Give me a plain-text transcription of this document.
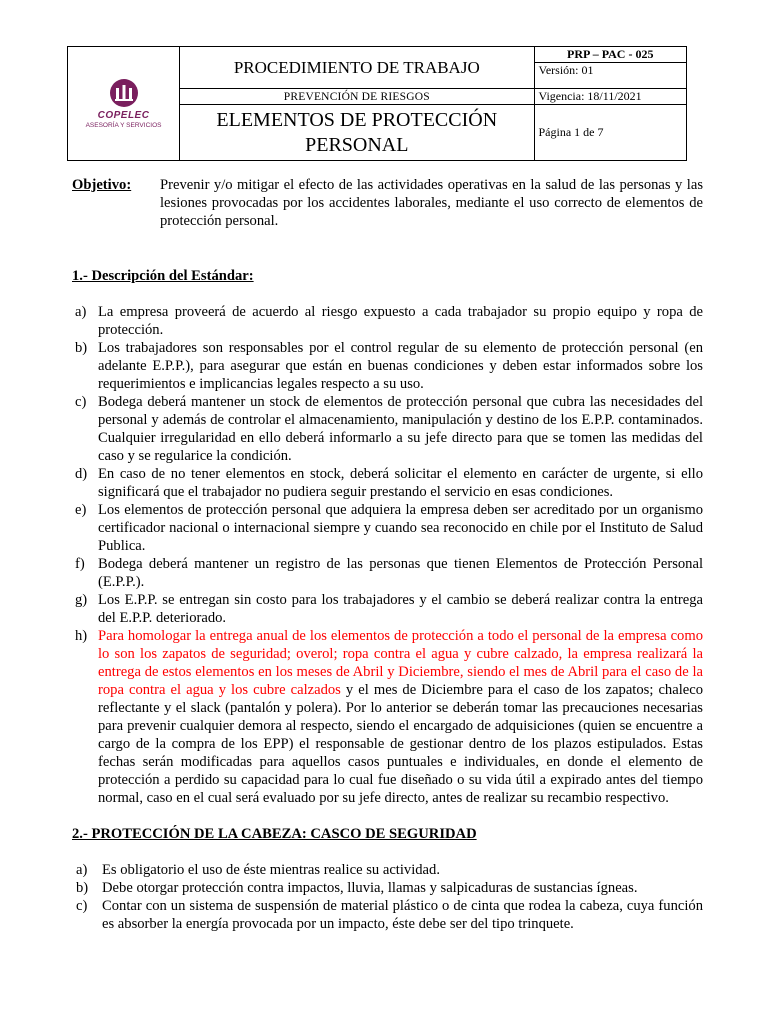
COPELEC
ASESORÍA Y SERVICIOS	PROCEDIMIENTO DE TRABAJO	PRP – PAC - 025
		Versión: 01
	PREVENCIÓN DE RIESGOS	Vigencia: 18/11/2021
	ELEMENTOS DE PROTECCIÓN PERSONAL	Página 1 de 7
Objetivo:	Prevenir y/o mitigar el efecto de las actividades operativas en la salud de las personas y las lesiones provocadas por los accidentes laborales, mediante el uso correcto de elementos de protección personal.
1.- Descripción del Estándar:
a) La empresa proveerá de acuerdo al riesgo expuesto a cada trabajador su propio equipo y ropa de protección.
b) Los trabajadores son responsables por el control regular de su elemento de protección personal (en adelante E.P.P.), para asegurar que están en buenas condiciones y deben estar informados sobre los requerimientos e implicancias legales respecto a su uso.
c) Bodega deberá mantener un stock de elementos de protección personal que cubra las necesidades del personal y además de controlar el almacenamiento, manipulación y destino de los E.P.P. contaminados. Cualquier irregularidad en ello deberá informarlo a su jefe directo para que se tomen las medidas del caso y se regularice la condición.
d) En caso de no tener elementos en stock, deberá solicitar el elemento en carácter de urgente, si ello significará que el trabajador no pudiera seguir prestando el servicio en esas condiciones.
e) Los elementos de protección personal que adquiera la empresa deben ser acreditado por un organismo certificador nacional o internacional siempre y cuando sea reconocido en chile por el Instituto de Salud Publica.
f) Bodega deberá mantener un registro de las personas que tienen Elementos de Protección Personal (E.P.P.).
g) Los E.P.P. se entregan sin costo para los trabajadores y el cambio se deberá realizar contra la entrega del E.P.P. deteriorado.
h) Para homologar la entrega anual de los elementos de protección a todo el personal de la empresa como lo son los zapatos de seguridad; overol; ropa contra el agua y cubre calzado, la empresa realizará la entrega de estos elementos en los meses de Abril y Diciembre, siendo el mes de Abril para el caso de la ropa contra el agua y los cubre calzados y el mes de Diciembre para el caso de los zapatos; chaleco reflectante y el slack (pantalón y polera). Por lo anterior se deberán tomar las precauciones necesarias para prevenir cualquier demora al respecto, siendo el encargado de adquisiciones (quien se encuentre a cargo de la compra de los EPP) el responsable de gestionar dentro de los plazos estipulados. Estas fechas serán modificadas para aquellos casos puntuales e individuales, en donde el elemento de protección a perdido su capacidad para lo cual fue diseñado o su vida útil a expirado antes del tiempo normal, caso en el cual será evaluado por su jefe directo, antes de realizar su recambio respectivo.
2.- PROTECCIÓN DE LA CABEZA: CASCO DE SEGURIDAD
a)	Es obligatorio el uso de éste mientras realice su actividad.
b) Debe otorgar protección contra impactos, lluvia, llamas y salpicaduras de sustancias ígneas.
c)	Contar con un sistema de suspensión de material plástico o de cinta que rodea la cabeza, cuya función es absorber la energía provocada por un impacto, éste debe ser del tipo trinquete.
